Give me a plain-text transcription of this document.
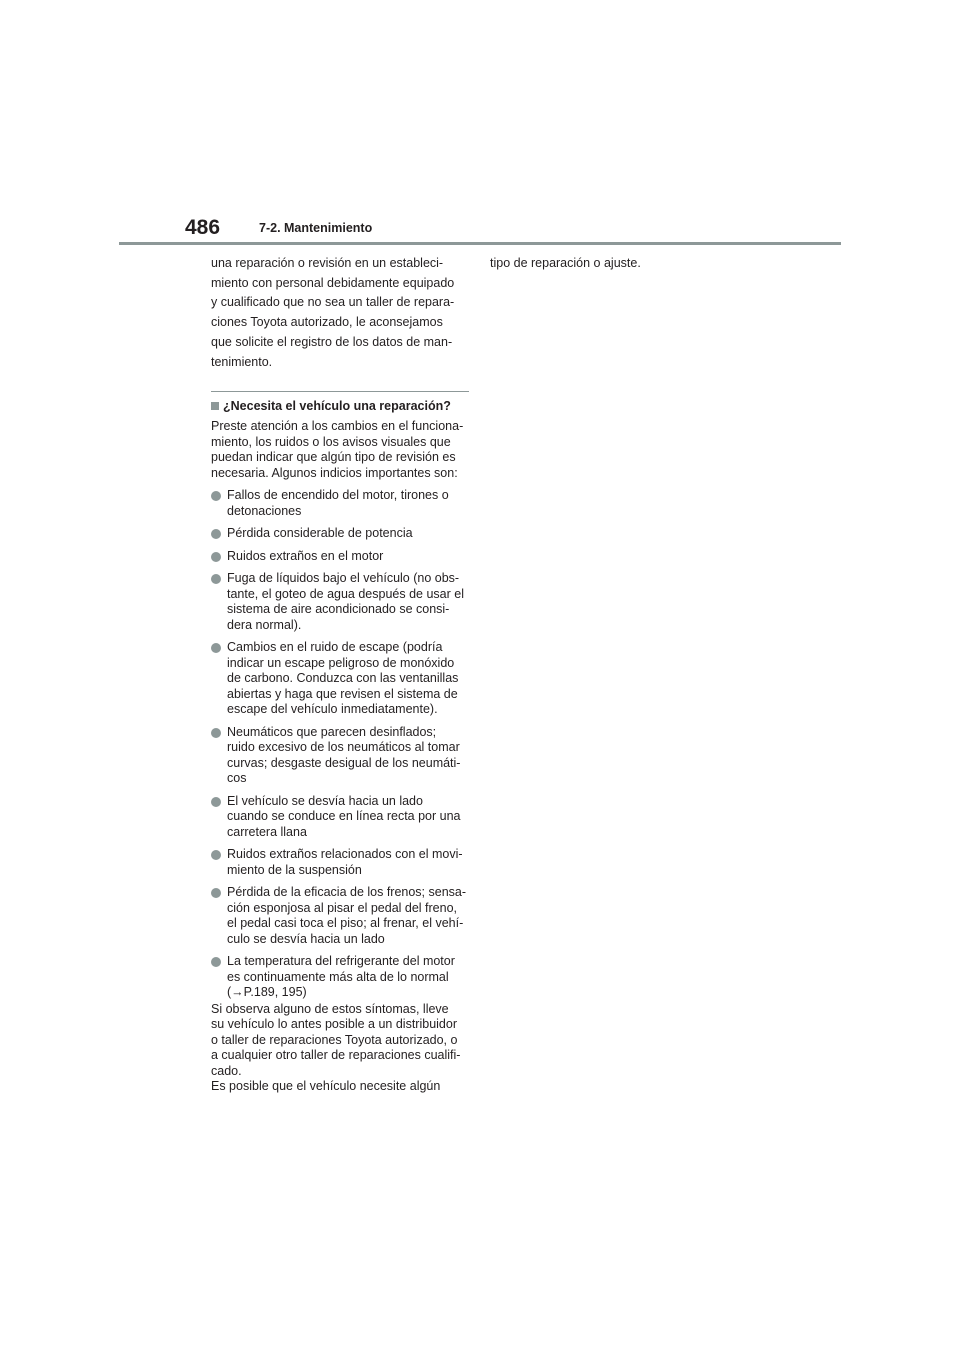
486	7-2. Mantenimiento

una reparación o revisión en un estableci-

miento con personal debidamente equipado

y cualificado que no sea un taller de repara-

ciones Toyota autorizado, le aconsejamos

que solicite el registro de los datos de man-

tenimiento.

¿Necesita el vehículo una reparación?
Preste atención a los cambios en el funciona-
miento, los ruidos o los avisos visuales que
puedan indicar que algún tipo de revisión es
necesaria. Algunos indicios importantes son:
Fallos de encendido del motor, tirones o
detonaciones
Pérdida considerable de potencia
Ruidos extraños en el motor
Fuga de líquidos bajo el vehículo (no obs-
tante, el goteo de agua después de usar el
sistema de aire acondicionado se consi-
dera normal).
Cambios en el ruido de escape (podría
indicar un escape peligroso de monóxido
de carbono. Conduzca con las ventanillas
abiertas y haga que revisen el sistema de
escape del vehículo inmediatamente).
Neumáticos que parecen desinflados;
ruido excesivo de los neumáticos al tomar
curvas; desgaste desigual de los neumáti-
cos
El vehículo se desvía hacia un lado
cuando se conduce en línea recta por una
carretera llana
Ruidos extraños relacionados con el movi-
miento de la suspensión
Pérdida de la eficacia de los frenos; sensa-
ción esponjosa al pisar el pedal del freno,
el pedal casi toca el piso; al frenar, el vehí-
culo se desvía hacia un lado
La temperatura del refrigerante del motor
es continuamente más alta de lo normal
(→P.189, 195)
Si observa alguno de estos síntomas, lleve
su vehículo lo antes posible a un distribuidor
o taller de reparaciones Toyota autorizado, o
a cualquier otro taller de reparaciones cualifi-
cado.
Es posible que el vehículo necesite algún

tipo de reparación o ajuste.
